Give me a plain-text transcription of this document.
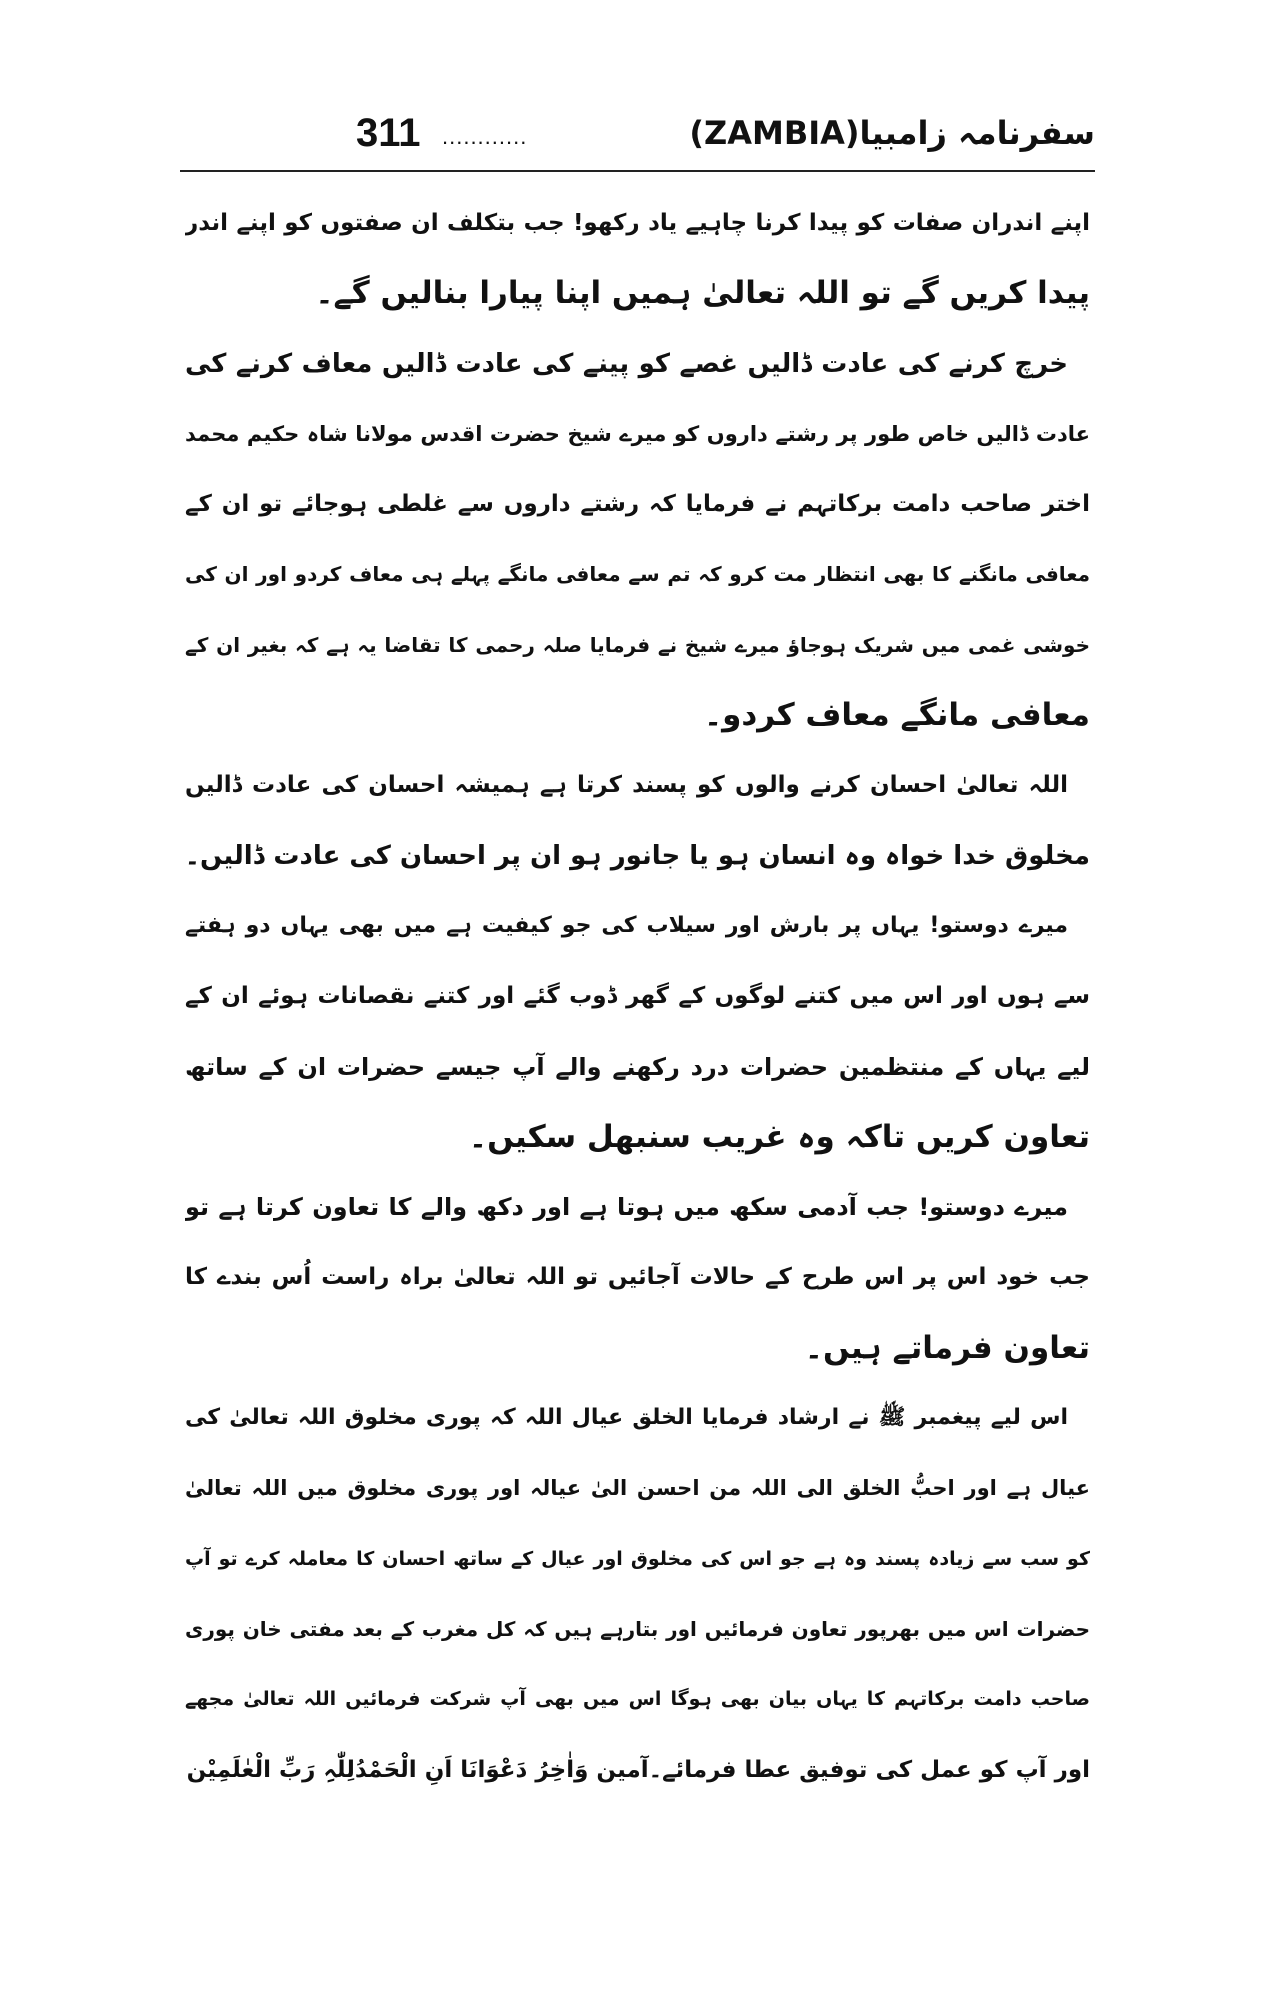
311 ............	سفرنامہ زامبیا(ZAMBIA)
اپنے اندران صفات کو پیدا کرنا چاہیے یاد رکھو! جب بتکلف ان صفتوں کو اپنے اندر
پیدا کریں گے تو اللہ تعالیٰ ہمیں اپنا پیارا بنالیں گے۔
خرچ کرنے کی عادت ڈالیں غصے کو پینے کی عادت ڈالیں معاف کرنے کی
عادت ڈالیں خاص طور پر رشتے داروں کو میرے شیخ حضرت اقدس مولانا شاہ حکیم محمد
اختر صاحب دامت برکاتہم نے فرمایا کہ رشتے داروں سے غلطی ہوجائے تو ان کے
معافی مانگنے کا بھی انتظار مت کرو کہ تم سے معافی مانگے پہلے ہی معاف کردو اور ان کی
خوشی غمی میں شریک ہوجاؤ میرے شیخ نے فرمایا صلہ رحمی کا تقاضا یہ ہے کہ بغیر ان کے
معافی مانگے معاف کردو۔
اللہ تعالیٰ احسان کرنے والوں کو پسند کرتا ہے ہمیشہ احسان کی عادت ڈالیں
مخلوق خدا خواہ وہ انسان ہو یا جانور ہو ان پر احسان کی عادت ڈالیں۔
میرے دوستو! یہاں پر بارش اور سیلاب کی جو کیفیت ہے میں بھی یہاں دو ہفتے
سے ہوں اور اس میں کتنے لوگوں کے گھر ڈوب گئے اور کتنے نقصانات ہوئے ان کے
لیے یہاں کے منتظمین حضرات درد رکھنے والے آپ جیسے حضرات ان کے ساتھ
تعاون کریں تاکہ وہ غریب سنبھل سکیں۔
میرے دوستو! جب آدمی سکھ میں ہوتا ہے اور دکھ والے کا تعاون کرتا ہے تو
جب خود اس پر اس طرح کے حالات آجائیں تو اللہ تعالیٰ براہ راست اُس بندے کا
تعاون فرماتے ہیں۔
اس لیے پیغمبر ﷺ نے ارشاد فرمایا الخلق عیال اللہ کہ پوری مخلوق اللہ تعالیٰ کی
عیال ہے اور احبُّ الخلق الی اللہ من احسن الیٰ عیالہ اور پوری مخلوق میں اللہ تعالیٰ
کو سب سے زیادہ پسند وہ ہے جو اس کی مخلوق اور عیال کے ساتھ احسان کا معاملہ کرے تو آپ
حضرات اس میں بھرپور تعاون فرمائیں اور بتارہے ہیں کہ کل مغرب کے بعد مفتی خان پوری
صاحب دامت برکاتہم کا یہاں بیان بھی ہوگا اس میں بھی آپ شرکت فرمائیں اللہ تعالیٰ مجھے
اور آپ کو عمل کی توفیق عطا فرمائے۔آمین وَاٰخِرُ دَعْوَانَا اَنِ الْحَمْدُلِلّٰہِ رَبِّ الْعٰلَمِیْن
